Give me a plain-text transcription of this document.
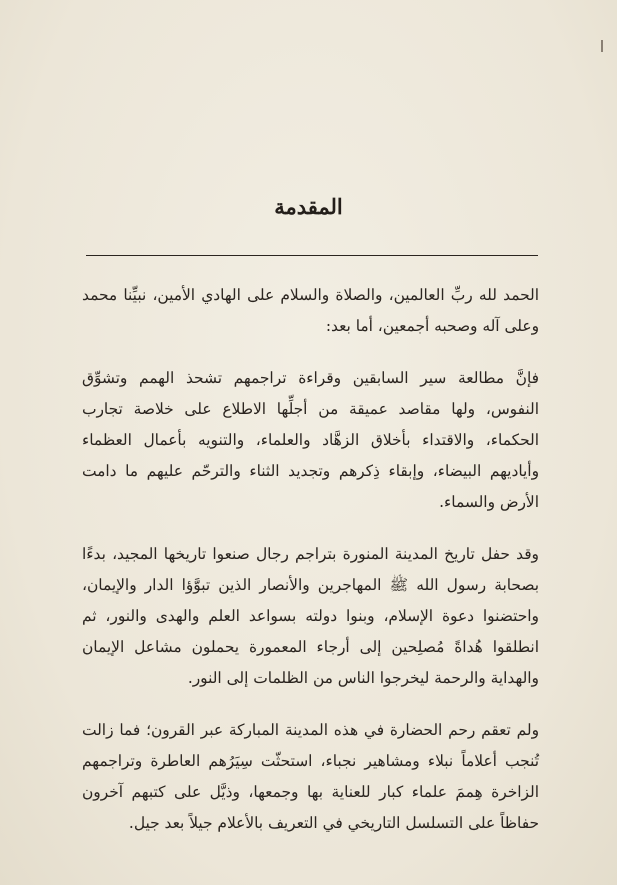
المقدمة

الحمد لله ربِّ العالمين، والصلاة والسلام على الهادي الأمين، نبيِّنا محمد وعلى آله وصحبه أجمعين، أما بعد:

فإنَّ مطالعة سير السابقين وقراءة تراجمهم تشحذ الهمم وتشوِّق النفوس، ولها مقاصد عميقة من أجلِّها الاطلاع على خلاصة تجارب الحكماء، والاقتداء بأخلاق الزهَّاد والعلماء، والتنويه بأعمال العظماء وأياديهم البيضاء، وإبقاء ذِكرهم وتجديد الثناء والترحّم عليهم ما دامت الأرض والسماء.

وقد حفل تاريخ المدينة المنورة بتراجم رجال صنعوا تاريخها المجيد، بدءًا بصحابة رسول الله ﷺ المهاجرين والأنصار الذين تبوَّؤا الدار والإيمان، واحتضنوا دعوة الإسلام، وبنوا دولته بسواعد العلم والهدى والنور، ثم انطلقوا هُداةً مُصلِحين إلى أرجاء المعمورة يحملون مشاعل الإيمان والهداية والرحمة ليخرجوا الناس من الظلمات إلى النور.

ولم تعقم رحم الحضارة في هذه المدينة المباركة عبر القرون؛ فما زالت تُنجب أعلاماً نبلاء ومشاهير نجباء، استحثّت سِيَرُهم العاطرة وتراجمهم الزاخرة هِممَ علماء كبار للعناية بها وجمعها، وذيَّل على كتبهم آخرون حفاظاً على التسلسل التاريخي في التعريف بالأعلام جيلاً بعد جيل.
